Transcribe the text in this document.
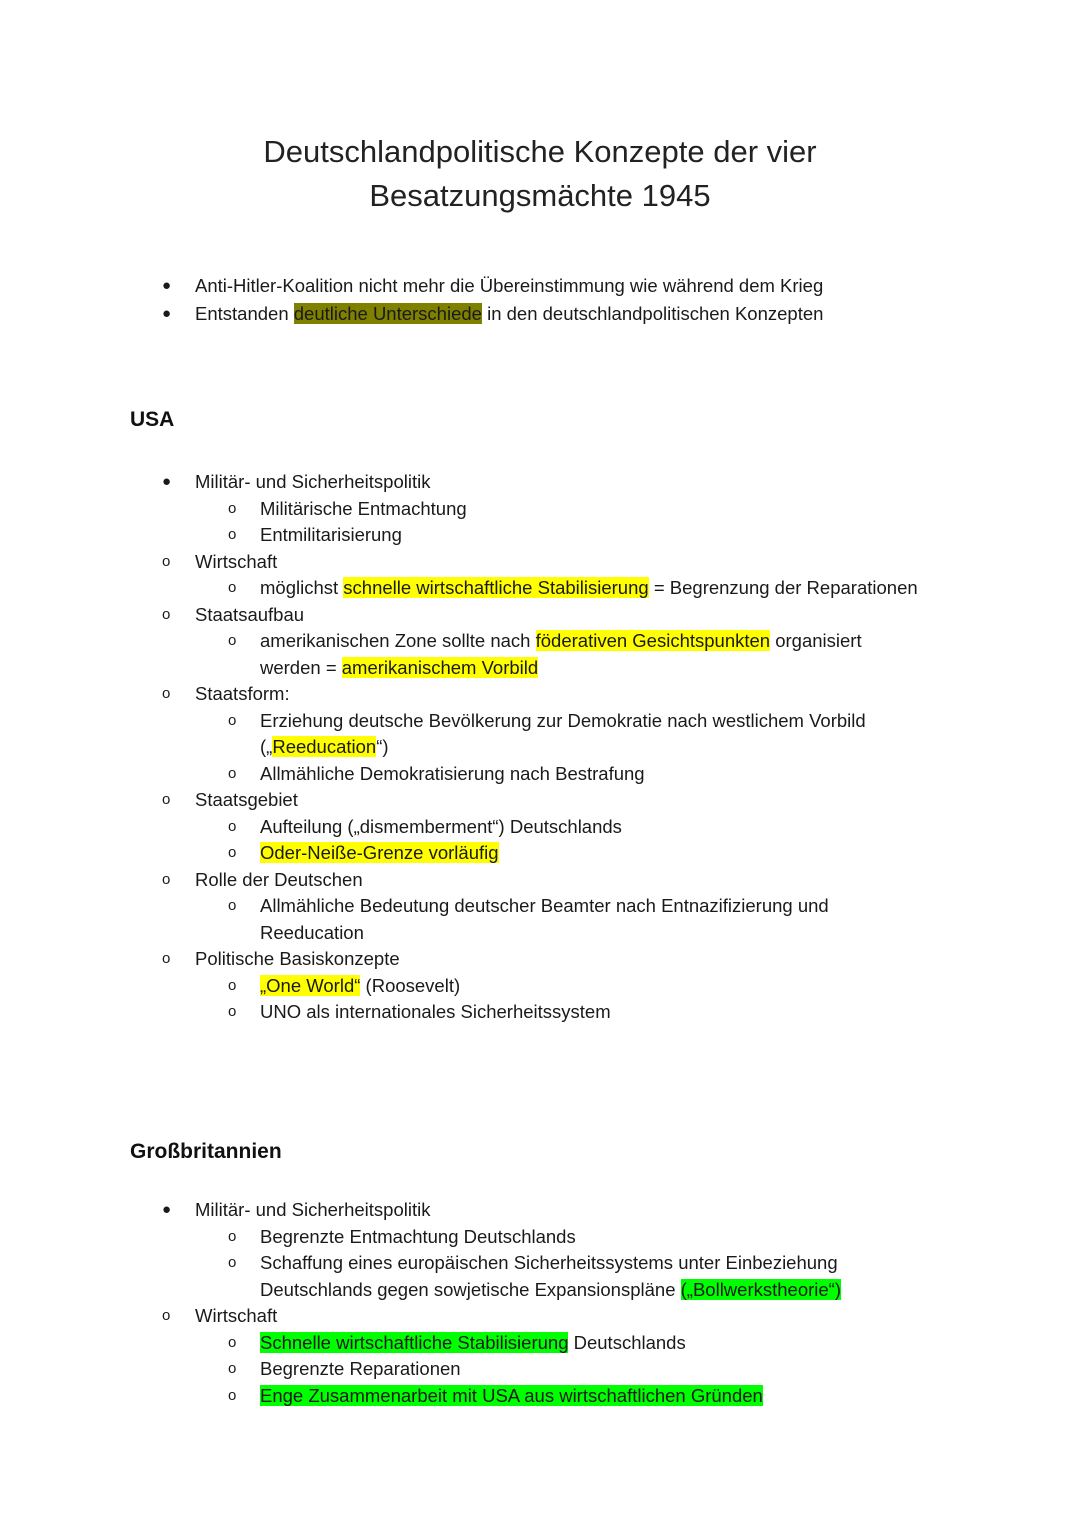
Deutschlandpolitische Konzepte der vier
Besatzungsmächte 1945
● Anti-Hitler-Koalition nicht mehr die Übereinstimmung wie während dem Krieg
● Entstanden deutliche Unterschiede in den deutschlandpolitischen Konzepten
USA
● Militär- und Sicherheitspolitik
o Militärische Entmachtung
o Entmilitarisierung
o Wirtschaft
o möglichst schnelle wirtschaftliche Stabilisierung = Begrenzung der Reparationen
o Staatsaufbau
o amerikanischen Zone sollte nach föderativen Gesichtspunkten organisiert werden = amerikanischem Vorbild
o Staatsform:
o Erziehung deutsche Bevölkerung zur Demokratie nach westlichem Vorbild („Reeducation“)
o Allmähliche Demokratisierung nach Bestrafung
o Staatsgebiet
o Aufteilung („dismemberment“) Deutschlands
o Oder-Neiße-Grenze vorläufig
o Rolle der Deutschen
o Allmähliche Bedeutung deutscher Beamter nach Entnazifizierung und Reeducation
o Politische Basiskonzepte
o „One World“ (Roosevelt)
o UNO als internationales Sicherheitssystem
Großbritannien
● Militär- und Sicherheitspolitik
o Begrenzte Entmachtung Deutschlands
o Schaffung eines europäischen Sicherheitssystems unter Einbeziehung Deutschlands gegen sowjetische Expansionspläne („Bollwerkstheorie“)
o Wirtschaft
o Schnelle wirtschaftliche Stabilisierung Deutschlands
o Begrenzte Reparationen
o Enge Zusammenarbeit mit USA aus wirtschaftlichen Gründen
